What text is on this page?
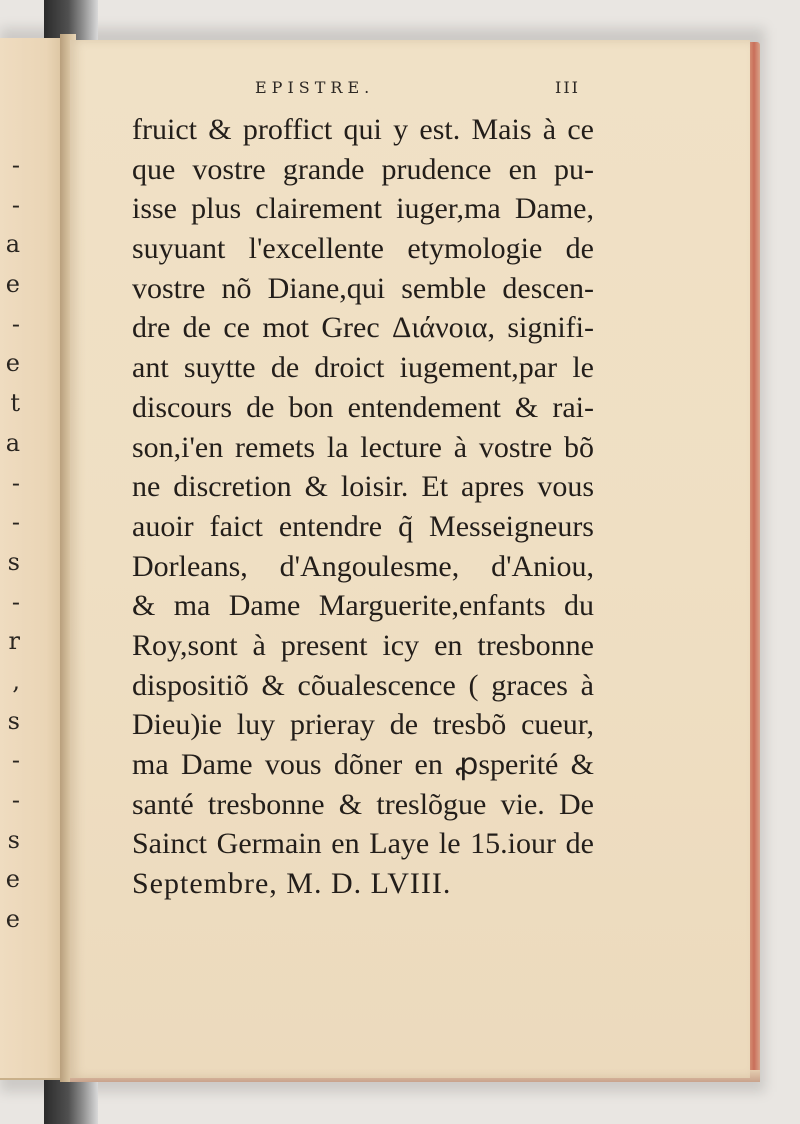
-
-
a
e
-
e
t
a
-
-
s
-
r
,
s
-
-
s
e
e
EPISTRE.	III
fruict & proffict qui y est. Mais à ce
que vostre grande prudence en pu-
isse plus clairement iuger,ma Dame,
suyuant l'excellente etymologie de
vostre nõ Diane,qui semble descen-
dre de ce mot Grec Διάνοια, signifi-
ant suytte de droict iugement,par le
discours de bon entendement & rai-
son,i'en remets la lecture à vostre bõ
ne discretion & loisir. Et apres vous
auoir faict entendre q̃ Messeigneurs
Dorleans, d'Angoulesme, d'Aniou,
& ma Dame Marguerite,enfants du
Roy,sont à present icy en tresbonne
dispositiõ & cõualescence ( graces à
Dieu)ie luy prieray de tresbõ cueur,
ma Dame vous dõner en ꝓsperité &
santé tresbonne & treslõgue vie. De
Sainct Germain en Laye le 15.iour de
Septembre, M. D. LVIII.
